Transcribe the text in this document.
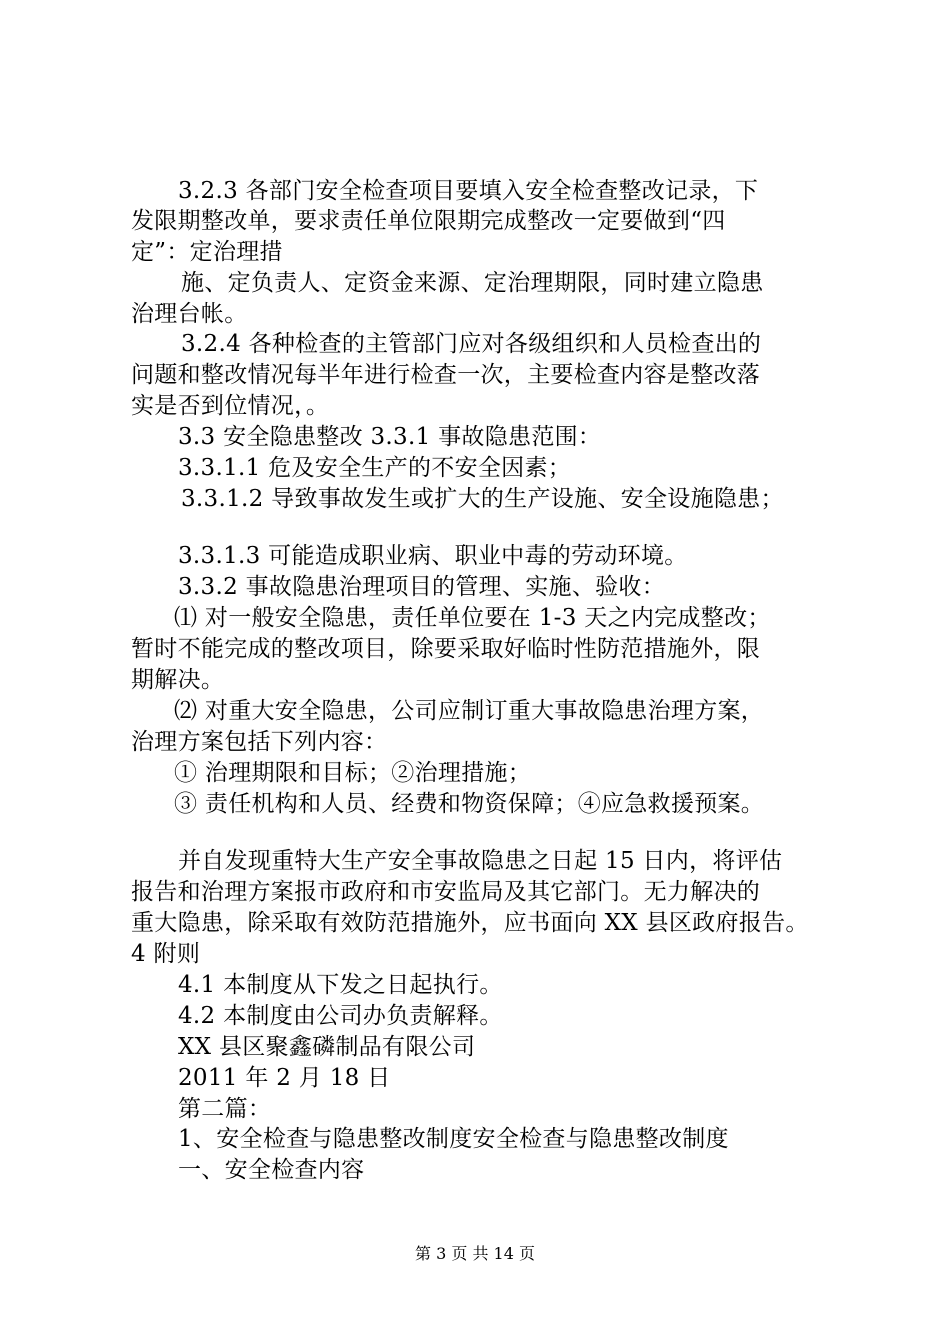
3.2.3 各部门安全检查项目要填入安全检查整改记录，下

发限期整改单，要求责任单位限期完成整改一定要做到“四

定”：定治理措

施、定负责人、定资金来源、定治理期限，同时建立隐患

治理台帐。

3.2.4 各种检查的主管部门应对各级组织和人员检查出的

问题和整改情况每半年进行检查一次，主要检查内容是整改落

实是否到位情况，。

3.3 安全隐患整改 3.3.1 事故隐患范围：

3.3.1.1 危及安全生产的不安全因素；

3.3.1.2 导致事故发生或扩大的生产设施、安全设施隐患；

3.3.1.3 可能造成职业病、职业中毒的劳动环境。

3.3.2 事故隐患治理项目的管理、实施、验收：

⑴ 对一般安全隐患，责任单位要在 1-3 天之内完成整改；

暂时不能完成的整改项目，除要采取好临时性防范措施外，限

期解决。

⑵ 对重大安全隐患，公司应制订重大事故隐患治理方案，

治理方案包括下列内容：

① 治理期限和目标；②治理措施；

③ 责任机构和人员、经费和物资保障；④应急救援预案。

并自发现重特大生产安全事故隐患之日起 15 日内，将评估

报告和治理方案报市政府和市安监局及其它部门。无力解决的

重大隐患，除采取有效防范措施外，应书面向 XX 县区政府报告。

4 附则

4.1 本制度从下发之日起执行。

4.2 本制度由公司办负责解释。

XX 县区聚鑫磷制品有限公司

2011 年 2 月 18 日

第二篇：

1、安全检查与隐患整改制度安全检查与隐患整改制度

一、安全检查内容

第 3 页 共 14 页
